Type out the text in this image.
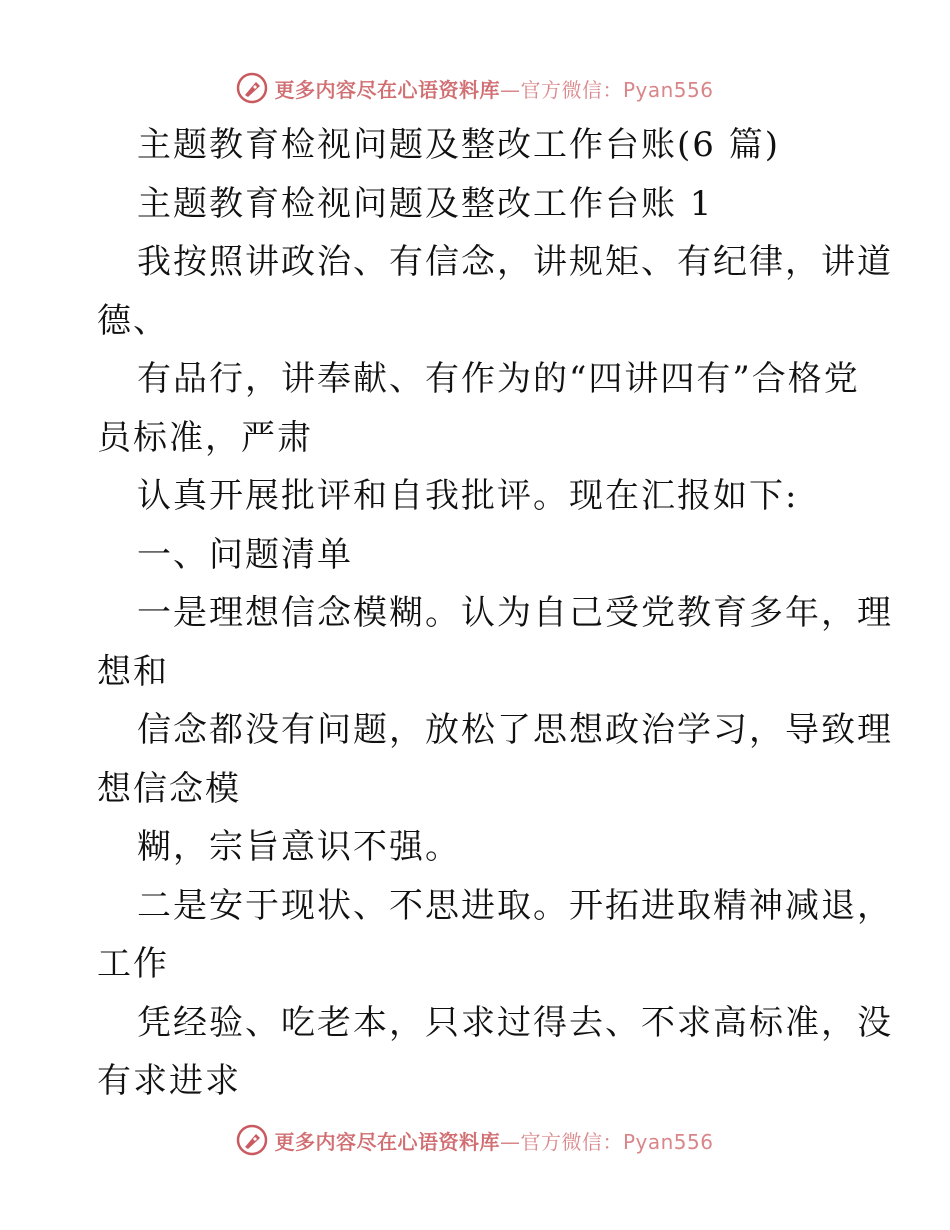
更多内容尽在心语资料库—官方微信：Pyan556
主题教育检视问题及整改工作台账(6 篇)
主题教育检视问题及整改工作台账 1
我按照讲政治、有信念，讲规矩、有纪律，讲道
德、
有品行，讲奉献、有作为的“四讲四有”合格党
员标准，严肃
认真开展批评和自我批评。现在汇报如下:
一、问题清单
一是理想信念模糊。认为自己受党教育多年，理
想和
信念都没有问题，放松了思想政治学习，导致理
想信念模
糊，宗旨意识不强。
二是安于现状、不思进取。开拓进取精神减退，
工作
凭经验、吃老本，只求过得去、不求高标准，没
有求进求
更多内容尽在心语资料库—官方微信：Pyan556
